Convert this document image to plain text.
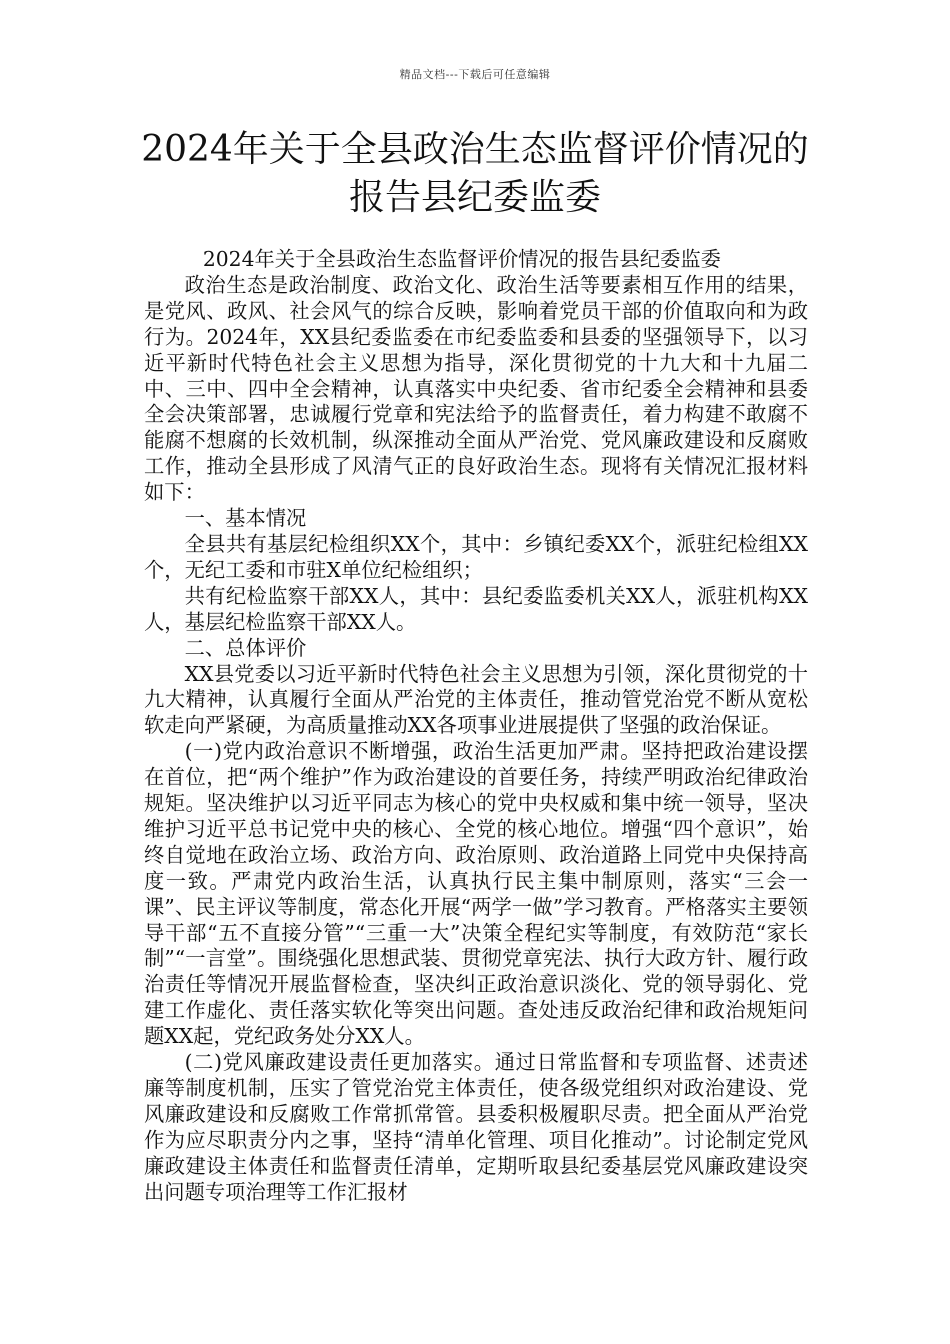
精品文档---下载后可任意编辑
2024年关于全县政治生态监督评价情况的
报告县纪委监委

2024年关于全县政治生态监督评价情况的报告县纪委监委

政治生态是政治制度、政治文化、政治生活等要素相互作用的结果，是党风、政风、社会风气的综合反映，影响着党员干部的价值取向和为政行为。2024年，XX县纪委监委在市纪委监委和县委的坚强领导下，以习近平新时代特色社会主义思想为指导，深化贯彻党的十九大和十九届二中、三中、四中全会精神，认真落实中央纪委、省市纪委全会精神和县委全会决策部署，忠诚履行党章和宪法给予的监督责任，着力构建不敢腐不能腐不想腐的长效机制，纵深推动全面从严治党、党风廉政建设和反腐败工作，推动全县形成了风清气正的良好政治生态。现将有关情况汇报材料如下：

一、基本情况

全县共有基层纪检组织XX个，其中：乡镇纪委XX个，派驻纪检组XX个，无纪工委和市驻X单位纪检组织；

共有纪检监察干部XX人，其中：县纪委监委机关XX人，派驻机构XX人，基层纪检监察干部XX人。

二、总体评价

XX县党委以习近平新时代特色社会主义思想为引领，深化贯彻党的十九大精神，认真履行全面从严治党的主体责任，推动管党治党不断从宽松软走向严紧硬，为高质量推动XX各项事业进展提供了坚强的政治保证。

(一)党内政治意识不断增强，政治生活更加严肃。坚持把政治建设摆在首位，把“两个维护”作为政治建设的首要任务，持续严明政治纪律政治规矩。坚决维护以习近平同志为核心的党中央权威和集中统一领导，坚决维护习近平总书记党中央的核心、全党的核心地位。增强“四个意识”，始终自觉地在政治立场、政治方向、政治原则、政治道路上同党中央保持高度一致。严肃党内政治生活，认真执行民主集中制原则，落实“三会一课”、民主评议等制度，常态化开展“两学一做”学习教育。严格落实主要领导干部“五不直接分管”“三重一大”决策全程纪实等制度，有效防范“家长制”“一言堂”。围绕强化思想武装、贯彻党章宪法、执行大政方针、履行政治责任等情况开展监督检查，坚决纠正政治意识淡化、党的领导弱化、党建工作虚化、责任落实软化等突出问题。查处违反政治纪律和政治规矩问题XX起，党纪政务处分XX人。

(二)党风廉政建设责任更加落实。通过日常监督和专项监督、述责述廉等制度机制，压实了管党治党主体责任，使各级党组织对政治建设、党风廉政建设和反腐败工作常抓常管。县委积极履职尽责。把全面从严治党作为应尽职责分内之事，坚持“清单化管理、项目化推动”。讨论制定党风廉政建设主体责任和监督责任清单，定期听取县纪委基层党风廉政建设突出问题专项治理等工作汇报材
